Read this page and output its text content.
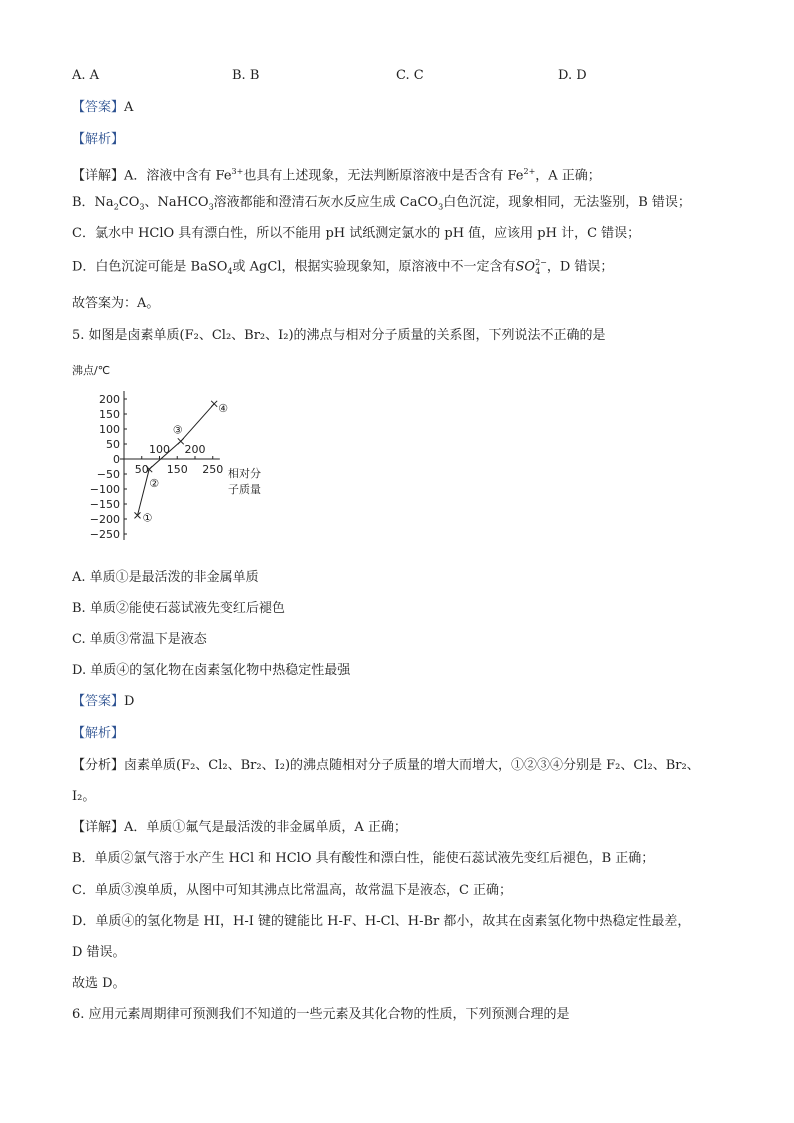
A. A	B. B	C. C	D. D
【答案】A
【解析】
【详解】A．溶液中含有 $Fe^{3+}$也具有上述现象，无法判断原溶液中是否含有 $Fe^{2+}$，A 正确；
B．$Na_2CO_3$、NaHCO$_3$溶液都能和澄清石灰水反应生成 CaCO$_3$白色沉淀，现象相同，无法鉴别，B 错误；
C．氯水中 HClO 具有漂白性，所以不能用 pH 试纸测定氯水的 pH 值，应该用 pH 计，C 错误；
D．白色沉淀可能是 BaSO$_4$或 AgCl，根据实验现象知，原溶液中不一定含有SO 2−
4 ，D 错误；
故答案为：A。
5. 如图是卤素单质(F₂、Cl₂、Br₂、I₂)的沸点与相对分子质量的关系图，下列说法不正确的是
沸点/℃
200
150
100
50
0
−50
−100
−150
−200
−250
50 150 250
100 200
①
②
③
④
相对分
子质量
A. 单质①是最活泼的非金属单质
B. 单质②能使石蕊试液先变红后褪色
C. 单质③常温下是液态
D. 单质④的氢化物在卤素氢化物中热稳定性最强
【答案】D
【解析】
【分析】卤素单质(F₂、Cl₂、Br₂、I₂)的沸点随相对分子质量的增大而增大，①②③④分别是 F₂、Cl₂、Br₂、
I₂。
【详解】A．单质①氟气是最活泼的非金属单质，A 正确；
B．单质②氯气溶于水产生 HCl 和 HClO 具有酸性和漂白性，能使石蕊试液先变红后褪色，B 正确；
C．单质③溴单质，从图中可知其沸点比常温高，故常温下是液态，C 正确；
D．单质④的氢化物是 HI，H-I 键的键能比 H-F、H-Cl、H-Br 都小，故其在卤素氢化物中热稳定性最差，
D 错误。
故选 D。
6. 应用元素周期律可预测我们不知道的一些元素及其化合物的性质，下列预测合理的是
